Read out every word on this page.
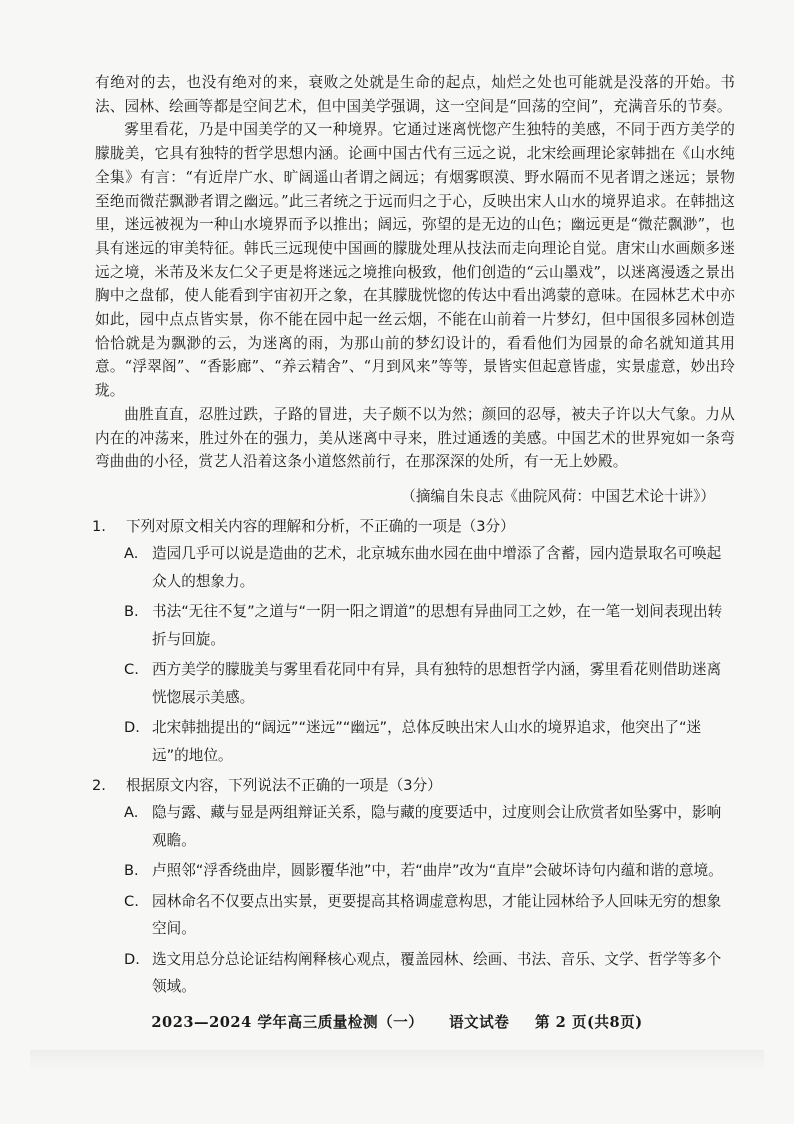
有绝对的去，也没有绝对的来，衰败之处就是生命的起点，灿烂之处也可能就是没落的开始。书法、园林、绘画等都是空间艺术，但中国美学强调，这一空间是“回荡的空间”，充满音乐的节奏。

雾里看花，乃是中国美学的又一种境界。它通过迷离恍惚产生独特的美感，不同于西方美学的朦胧美，它具有独特的哲学思想内涵。论画中国古代有三远之说，北宋绘画理论家韩拙在《山水纯全集》有言：“有近岸广水、旷阔遥山者谓之阔远；有烟雾暝漠、野水隔而不见者谓之迷远；景物至绝而微茫飘渺者谓之幽远。”此三者统之于远而归之于心，反映出宋人山水的境界追求。在韩拙这里，迷远被视为一种山水境界而予以推出；阔远，弥望的是无边的山色；幽远更是“微茫飘渺”，也具有迷远的审美特征。韩氏三远现使中国画的朦胧处理从技法而走向理论自觉。唐宋山水画颇多迷远之境，米芾及米友仁父子更是将迷远之境推向极致，他们创造的“云山墨戏”，以迷离漫透之景出胸中之盘郁，使人能看到宇宙初开之象，在其朦胧恍惚的传达中看出鸿蒙的意味。在园林艺术中亦如此，园中点点皆实景，你不能在园中起一丝云烟，不能在山前着一片梦幻，但中国很多园林创造恰恰就是为飘渺的云，为迷离的雨，为那山前的梦幻设计的，看看他们为园景的命名就知道其用意。“浮翠阁”、“香影廊”、“养云精舍”、“月到风来”等等，景皆实但起意皆虚，实景虚意，妙出玲珑。

曲胜直直，忍胜过跌，子路的冒进，夫子颇不以为然；颜回的忍辱，被夫子许以大气象。力从内在的冲荡来，胜过外在的强力，美从迷离中寻来，胜过通透的美感。中国艺术的世界宛如一条弯弯曲曲的小径，赏艺人沿着这条小道悠然前行，在那深深的处所，有一无上妙殿。

（摘编自朱良志《曲院风荷：中国艺术论十讲》）
1. 下列对原文相关内容的理解和分析，不正确的一项是（3分）
A. 造园几乎可以说是造曲的艺术，北京城东曲水园在曲中增添了含蓄，园内造景取名可唤起众人的想象力。
B. 书法“无往不复”之道与“一阴一阳之谓道”的思想有异曲同工之妙，在一笔一划间表现出转折与回旋。
C. 西方美学的朦胧美与雾里看花同中有异，具有独特的思想哲学内涵，雾里看花则借助迷离恍惚展示美感。
D. 北宋韩拙提出的“阔远”“迷远”“幽远”，总体反映出宋人山水的境界追求，他突出了“迷远”的地位。
2. 根据原文内容，下列说法不正确的一项是（3分）
A. 隐与露、藏与显是两组辩证关系，隐与藏的度要适中，过度则会让欣赏者如坠雾中，影响观瞻。
B. 卢照邻“浮香绕曲岸，圆影覆华池”中，若“曲岸”改为“直岸”会破坏诗句内蕴和谐的意境。
C. 园林命名不仅要点出实景，更要提高其格调虚意构思，才能让园林给予人回味无穷的想象空间。
D. 选文用总分总论证结构阐释核心观点，覆盖园林、绘画、书法、音乐、文学、哲学等多个领域。
2023—2024 学年高三质量检测（一） 语文试卷 第 2 页(共8页)
